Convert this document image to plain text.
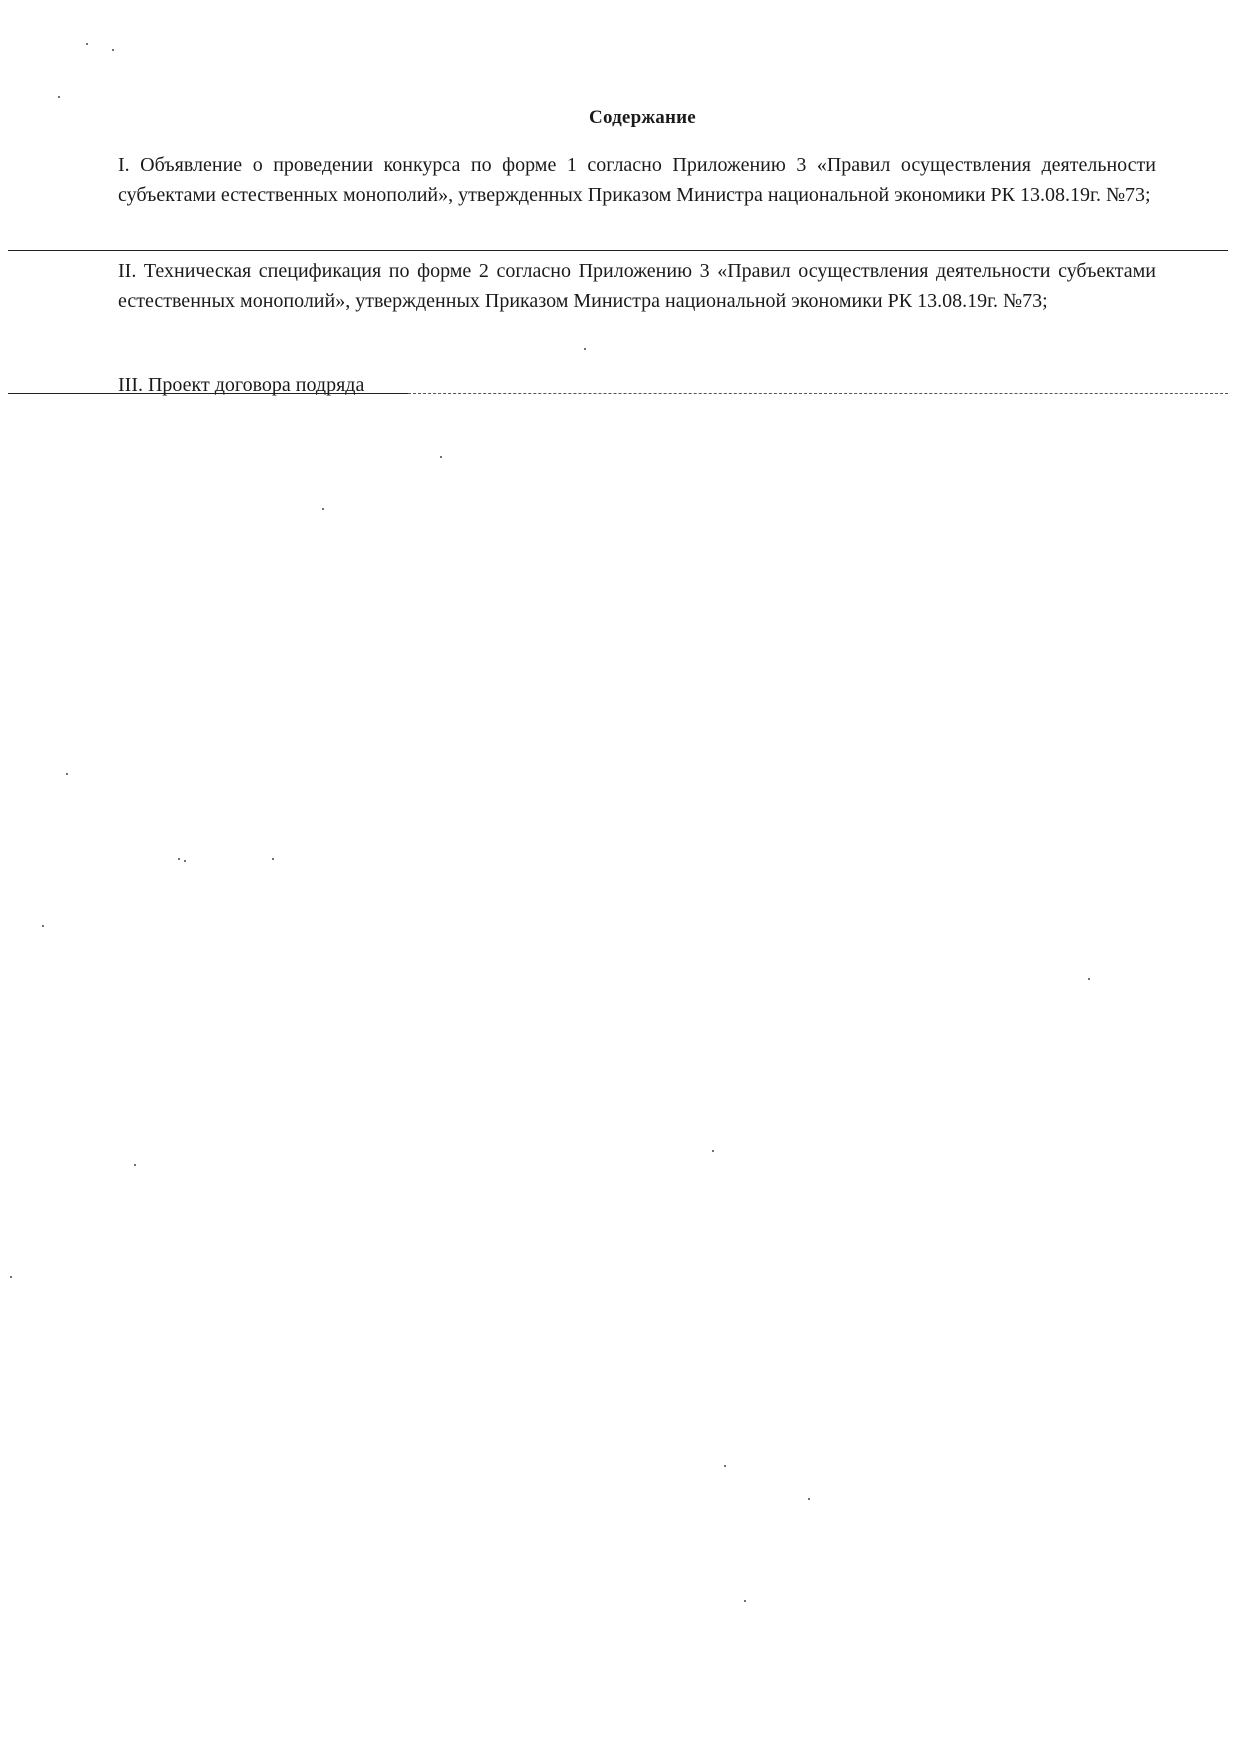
Содержание
I. Объявление о проведении конкурса по форме 1 согласно Приложению 3 «Правил осуществления деятельности субъектами естественных монополий», утвержденных Приказом Министра национальной экономики РК 13.08.19г. №73;
II. Техническая спецификация по форме 2 согласно Приложению 3 «Правил осуществления деятельности субъектами естественных монополий», утвержденных Приказом Министра национальной экономики РК 13.08.19г. №73;
III. Проект договора подряда
